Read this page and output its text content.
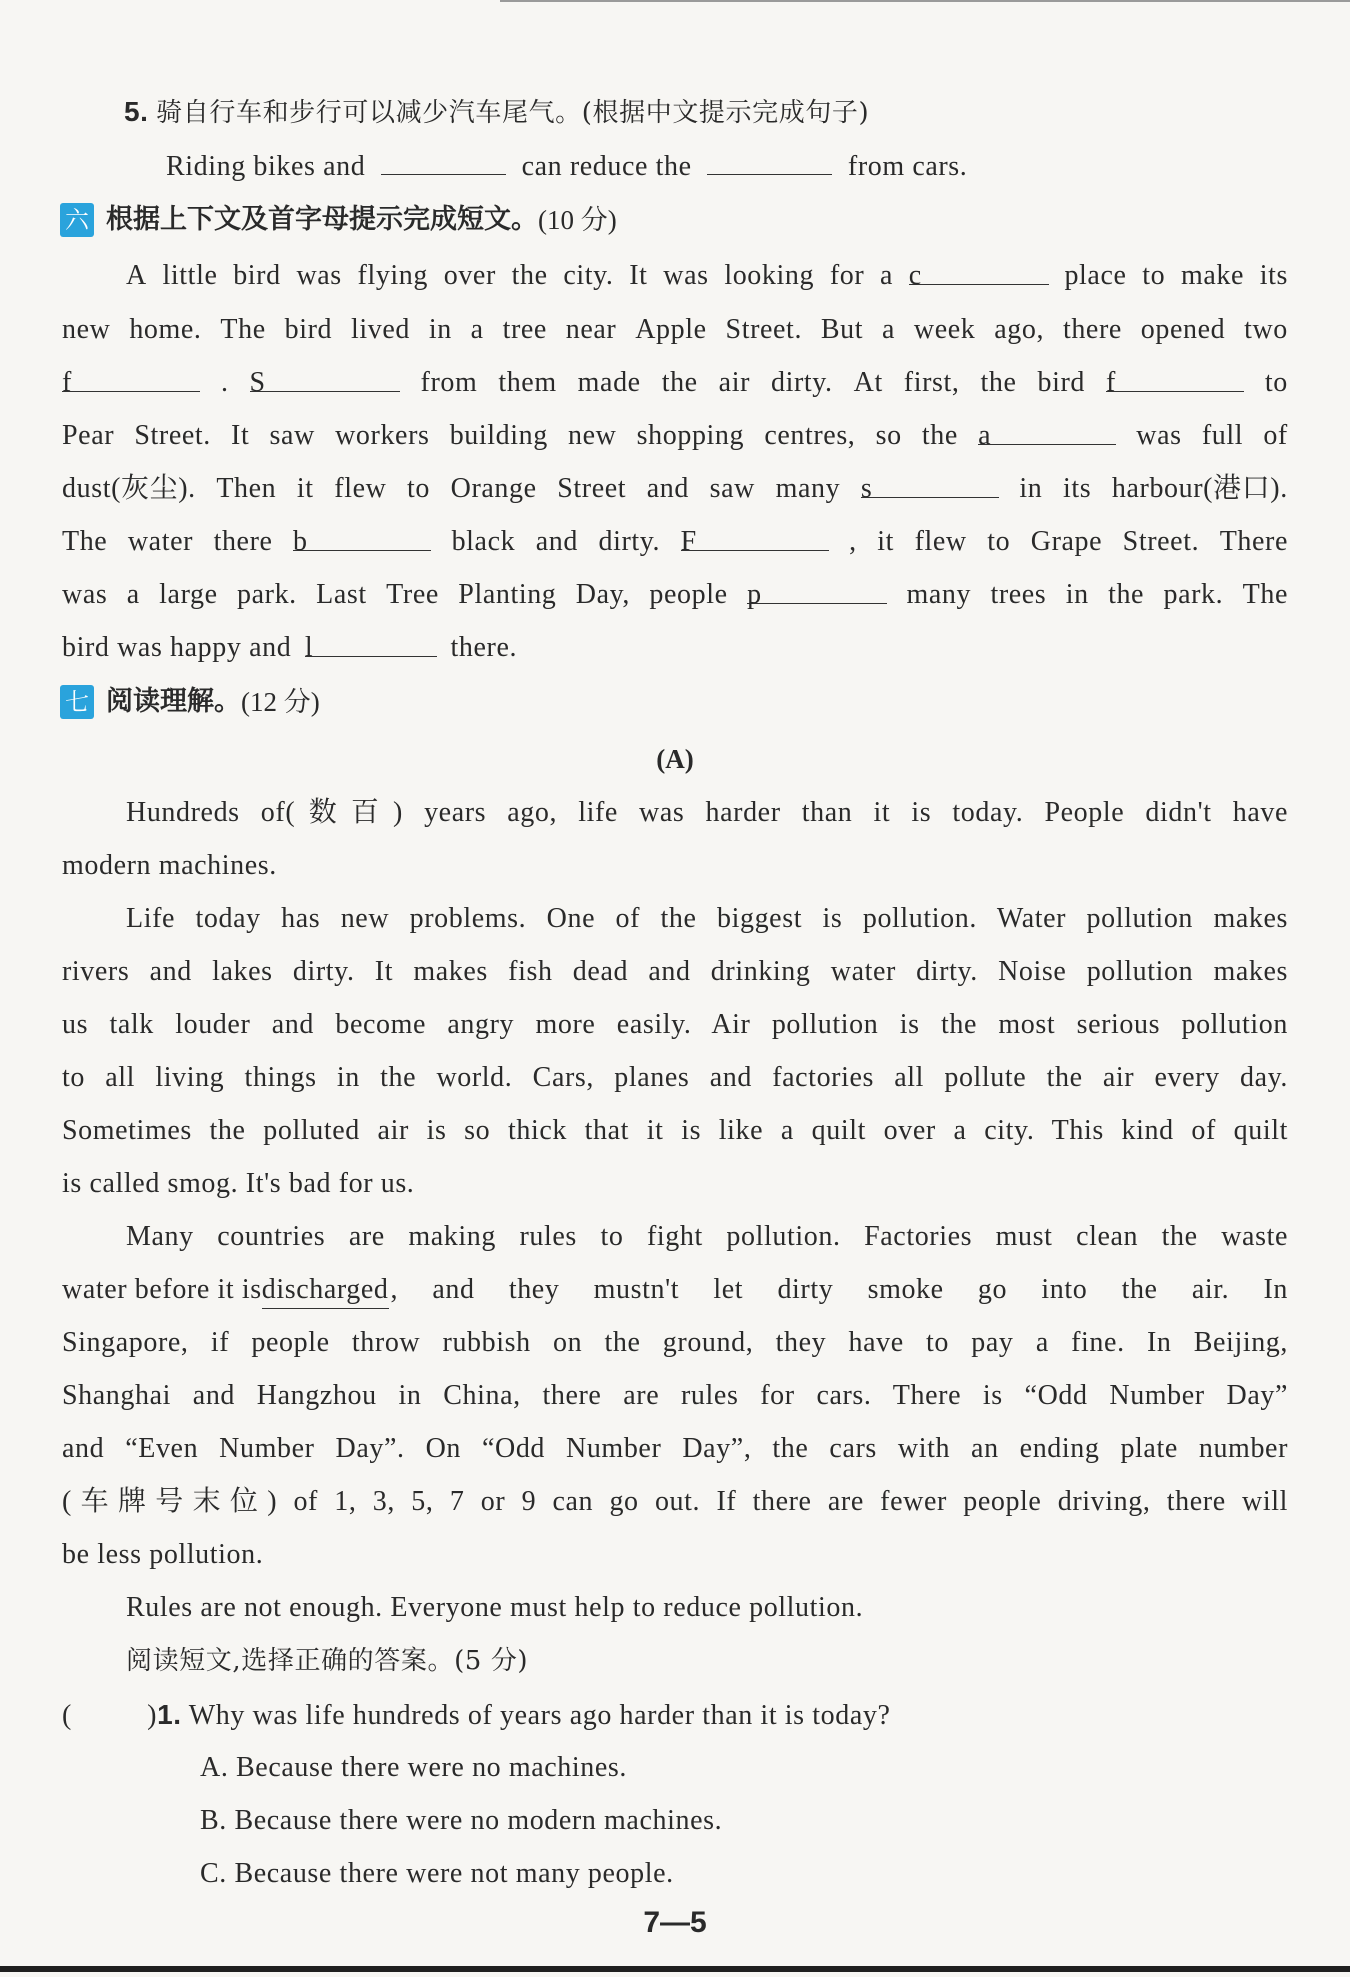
5. 骑自行车和步行可以减少汽车尾气。(根据中文提示完成句子)
Riding bikes and	can reduce the	from cars.
六 根据上下文及首字母提示完成短文。 (10 分)
A little bird was flying over the city. It was looking for a c	place to make its
new home. The bird lived in a tree near Apple Street. But a week ago, there opened two
f	. S	from them made the air dirty. At first, the bird f	to
Pear Street. It saw workers building new shopping centres, so the a	was full of
dust(灰尘). Then it flew to Orange Street and saw many s	in its harbour(港口).
The water there b	black and dirty. F	, it flew to Grape Street. There
was a large park. Last Tree Planting Day, people p	many trees in the park. The
bird was happy and l	there.
七 阅读理解。 (12 分)
(A)
Hundreds of(数百) years ago, life was harder than it is today. People didn't have
modern machines.
Life today has new problems. One of the biggest is pollution. Water pollution makes
rivers and lakes dirty. It makes fish dead and drinking water dirty. Noise pollution makes
us talk louder and become angry more easily. Air pollution is the most serious pollution
to all living things in the world. Cars, planes and factories all pollute the air every day.
Sometimes the polluted air is so thick that it is like a quilt over a city. This kind of quilt
is called smog. It's bad for us.
Many countries are making rules to fight pollution. Factories must clean the waste
water before it is discharged , and they mustn't let dirty smoke go into the air. In
Singapore, if people throw rubbish on the ground, they have to pay a fine. In Beijing,
Shanghai and Hangzhou in China, there are rules for cars. There is “Odd Number Day”
and “Even Number Day”. On “Odd Number Day”, the cars with an ending plate number
(车牌号末位) of 1, 3, 5, 7 or 9 can go out. If there are fewer people driving, there will
be less pollution.
Rules are not enough. Everyone must help to reduce pollution.
阅读短文,选择正确的答案。(5 分)
(	)1. Why was life hundreds of years ago harder than it is today?
A. Because there were no machines.
B. Because there were no modern machines.
C. Because there were not many people.
7—5
